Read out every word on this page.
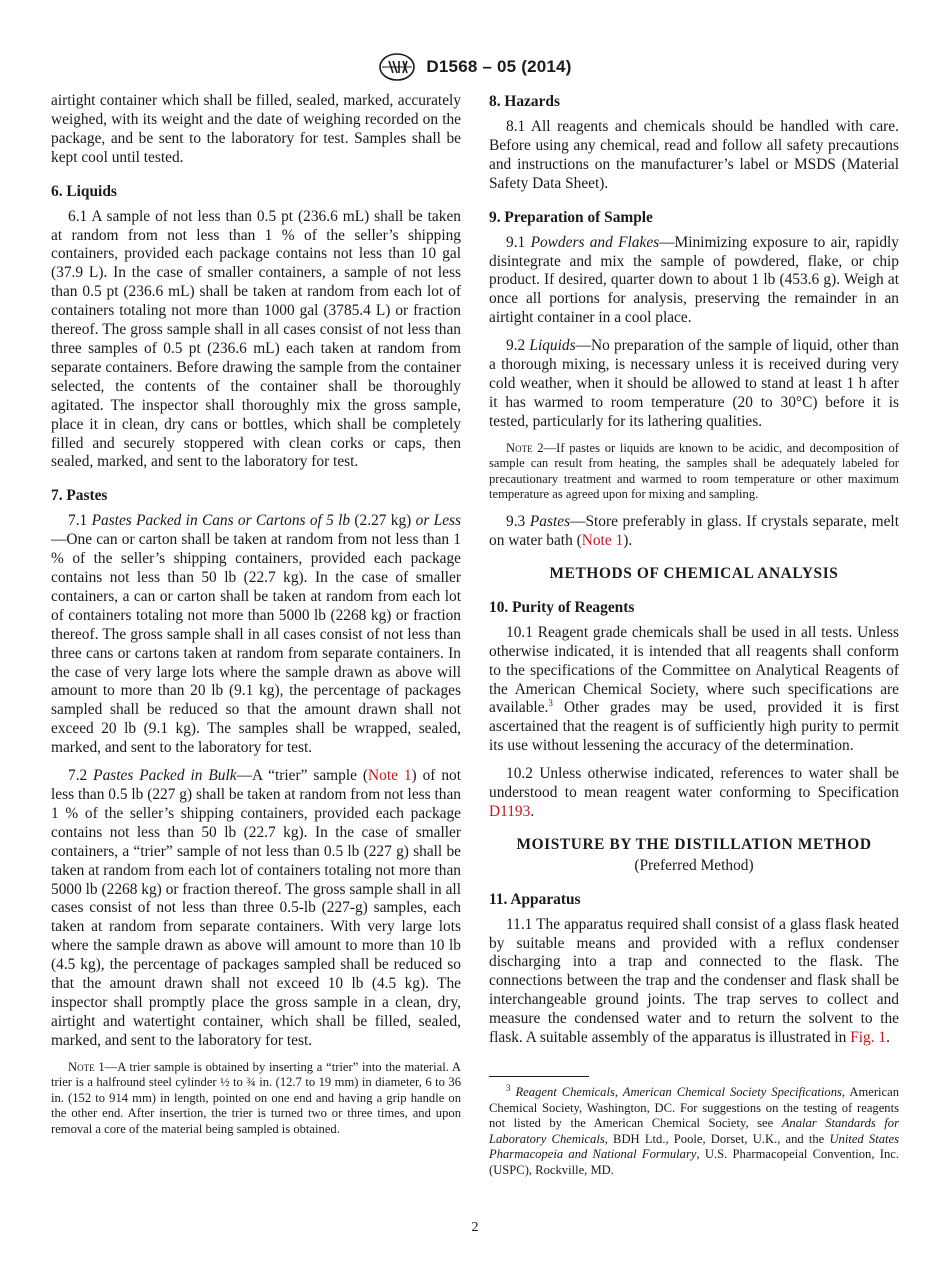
D1568 – 05 (2014)

airtight container which shall be filled, sealed, marked, accurately weighed, with its weight and the date of weighing recorded on the package, and be sent to the laboratory for test. Samples shall be kept cool until tested.

6. Liquids

6.1 A sample of not less than 0.5 pt (236.6 mL) shall be taken at random from not less than 1 % of the seller’s shipping containers, provided each package contains not less than 10 gal (37.9 L). In the case of smaller containers, a sample of not less than 0.5 pt (236.6 mL) shall be taken at random from each lot of containers totaling not more than 1000 gal (3785.4 L) or fraction thereof. The gross sample shall in all cases consist of not less than three samples of 0.5 pt (236.6 mL) each taken at random from separate containers. Before drawing the sample from the container selected, the contents of the container shall be thoroughly agitated. The inspector shall thoroughly mix the gross sample, place it in clean, dry cans or bottles, which shall be completely filled and securely stoppered with clean corks or caps, then sealed, marked, and sent to the laboratory for test.

7. Pastes

7.1 Pastes Packed in Cans or Cartons of 5 lb (2.27 kg) or Less—One can or carton shall be taken at random from not less than 1 % of the seller’s shipping containers, provided each package contains not less than 50 lb (22.7 kg). In the case of smaller containers, a can or carton shall be taken at random from each lot of containers totaling not more than 5000 lb (2268 kg) or fraction thereof. The gross sample shall in all cases consist of not less than three cans or cartons taken at random from separate containers. In the case of very large lots where the sample drawn as above will amount to more than 20 lb (9.1 kg), the percentage of packages sampled shall be reduced so that the amount drawn shall not exceed 20 lb (9.1 kg). The samples shall be wrapped, sealed, marked, and sent to the laboratory for test.

7.2 Pastes Packed in Bulk—A “trier” sample (Note 1) of not less than 0.5 lb (227 g) shall be taken at random from not less than 1 % of the seller’s shipping containers, provided each package contains not less than 50 lb (22.7 kg). In the case of smaller containers, a “trier” sample of not less than 0.5 lb (227 g) shall be taken at random from each lot of containers totaling not more than 5000 lb (2268 kg) or fraction thereof. The gross sample shall in all cases consist of not less than three 0.5-lb (227-g) samples, each taken at random from separate containers. With very large lots where the sample drawn as above will amount to more than 10 lb (4.5 kg), the percentage of packages sampled shall be reduced so that the amount drawn shall not exceed 10 lb (4.5 kg). The inspector shall promptly place the gross sample in a clean, dry, airtight and watertight container, which shall be filled, sealed, marked, and sent to the laboratory for test.

Note 1—A trier sample is obtained by inserting a “trier” into the material. A trier is a halfround steel cylinder ½ to ¾ in. (12.7 to 19 mm) in diameter, 6 to 36 in. (152 to 914 mm) in length, pointed on one end and having a grip handle on the other end. After insertion, the trier is turned two or three times, and upon removal a core of the material being sampled is obtained.

8. Hazards

8.1 All reagents and chemicals should be handled with care. Before using any chemical, read and follow all safety precautions and instructions on the manufacturer’s label or MSDS (Material Safety Data Sheet).

9. Preparation of Sample

9.1 Powders and Flakes—Minimizing exposure to air, rapidly disintegrate and mix the sample of powdered, flake, or chip product. If desired, quarter down to about 1 lb (453.6 g). Weigh at once all portions for analysis, preserving the remainder in an airtight container in a cool place.

9.2 Liquids—No preparation of the sample of liquid, other than a thorough mixing, is necessary unless it is received during very cold weather, when it should be allowed to stand at least 1 h after it has warmed to room temperature (20 to 30°C) before it is tested, particularly for its lathering qualities.

Note 2—If pastes or liquids are known to be acidic, and decomposition of sample can result from heating, the samples shall be adequately labeled for precautionary treatment and warmed to room temperature or other maximum temperature as agreed upon for mixing and sampling.

9.3 Pastes—Store preferably in glass. If crystals separate, melt on water bath (Note 1).

METHODS OF CHEMICAL ANALYSIS

10. Purity of Reagents

10.1 Reagent grade chemicals shall be used in all tests. Unless otherwise indicated, it is intended that all reagents shall conform to the specifications of the Committee on Analytical Reagents of the American Chemical Society, where such specifications are available.$^3$ Other grades may be used, provided it is first ascertained that the reagent is of sufficiently high purity to permit its use without lessening the accuracy of the determination.

10.2 Unless otherwise indicated, references to water shall be understood to mean reagent water conforming to Specification D1193.

MOISTURE BY THE DISTILLATION METHOD

(Preferred Method)

11. Apparatus

11.1 The apparatus required shall consist of a glass flask heated by suitable means and provided with a reflux condenser discharging into a trap and connected to the flask. The connections between the trap and the condenser and flask shall be interchangeable ground joints. The trap serves to collect and measure the condensed water and to return the solvent to the flask. A suitable assembly of the apparatus is illustrated in Fig. 1.

$^3$ Reagent Chemicals, American Chemical Society Specifications, American Chemical Society, Washington, DC. For suggestions on the testing of reagents not listed by the American Chemical Society, see Analar Standards for Laboratory Chemicals, BDH Ltd., Poole, Dorset, U.K., and the United States Pharmacopeia and National Formulary, U.S. Pharmacopeial Convention, Inc. (USPC), Rockville, MD.

2
